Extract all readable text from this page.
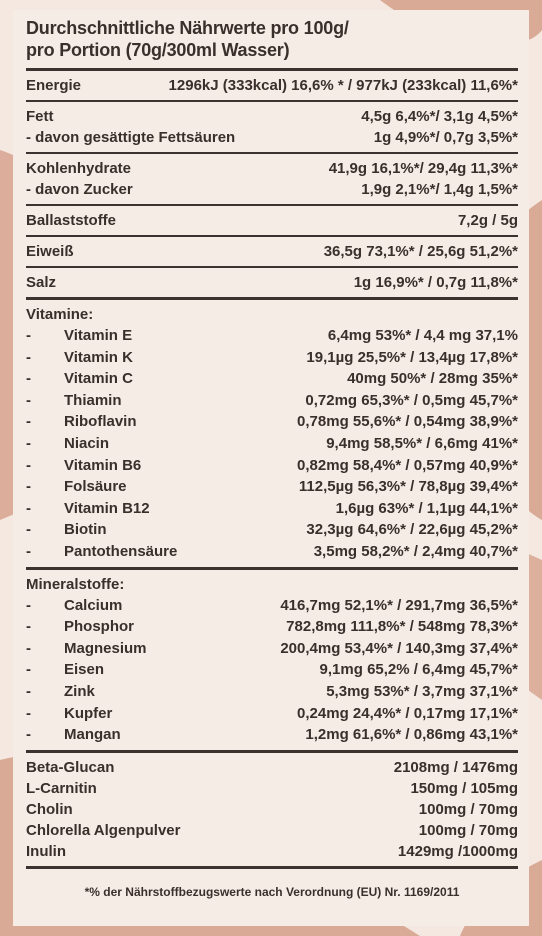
Durchschnittliche Nährwerte pro 100g/
pro Portion (70g/300ml Wasser)
Energie	1296kJ (333kcal) 16,6% * / 977kJ (233kcal) 11,6%*
Fett	4,5g 6,4%*/ 3,1g 4,5%*
- davon gesättigte Fettsäuren	1g 4,9%*/ 0,7g 3,5%*
Kohlenhydrate	41,9g 16,1%*/ 29,4g 11,3%*
- davon Zucker	1,9g 2,1%*/ 1,4g 1,5%*
Ballaststoffe	7,2g / 5g
Eiweiß	36,5g 73,1%* / 25,6g 51,2%*
Salz	1g 16,9%* / 0,7g 11,8%*
Vitamine:
-	Vitamin E	6,4mg 53%* / 4,4 mg 37,1%
-	Vitamin K	19,1µg 25,5%* / 13,4µg 17,8%*
-	Vitamin C	40mg 50%* / 28mg 35%*
-	Thiamin	0,72mg 65,3%* / 0,5mg 45,7%*
-	Riboflavin	0,78mg 55,6%* / 0,54mg 38,9%*
-	Niacin	9,4mg 58,5%* / 6,6mg 41%*
-	Vitamin B6	0,82mg 58,4%* / 0,57mg 40,9%*
-	Folsäure	112,5µg 56,3%* / 78,8µg 39,4%*
-	Vitamin B12	1,6µg 63%* / 1,1µg 44,1%*
-	Biotin	32,3µg 64,6%* / 22,6µg 45,2%*
-	Pantothensäure	3,5mg 58,2%* / 2,4mg 40,7%*
Mineralstoffe:
-	Calcium	416,7mg 52,1%* / 291,7mg 36,5%*
-	Phosphor	782,8mg 111,8%* / 548mg 78,3%*
-	Magnesium	200,4mg 53,4%* / 140,3mg 37,4%*
-	Eisen	9,1mg 65,2% / 6,4mg 45,7%*
-	Zink	5,3mg 53%* / 3,7mg 37,1%*
-	Kupfer	0,24mg 24,4%* / 0,17mg 17,1%*
-	Mangan	1,2mg 61,6%* / 0,86mg 43,1%*
Beta-Glucan	2108mg / 1476mg
L-Carnitin	150mg / 105mg
Cholin	100mg / 70mg
Chlorella Algenpulver	100mg / 70mg
Inulin	1429mg /1000mg
*% der Nährstoffbezugswerte nach Verordnung (EU) Nr. 1169/2011
